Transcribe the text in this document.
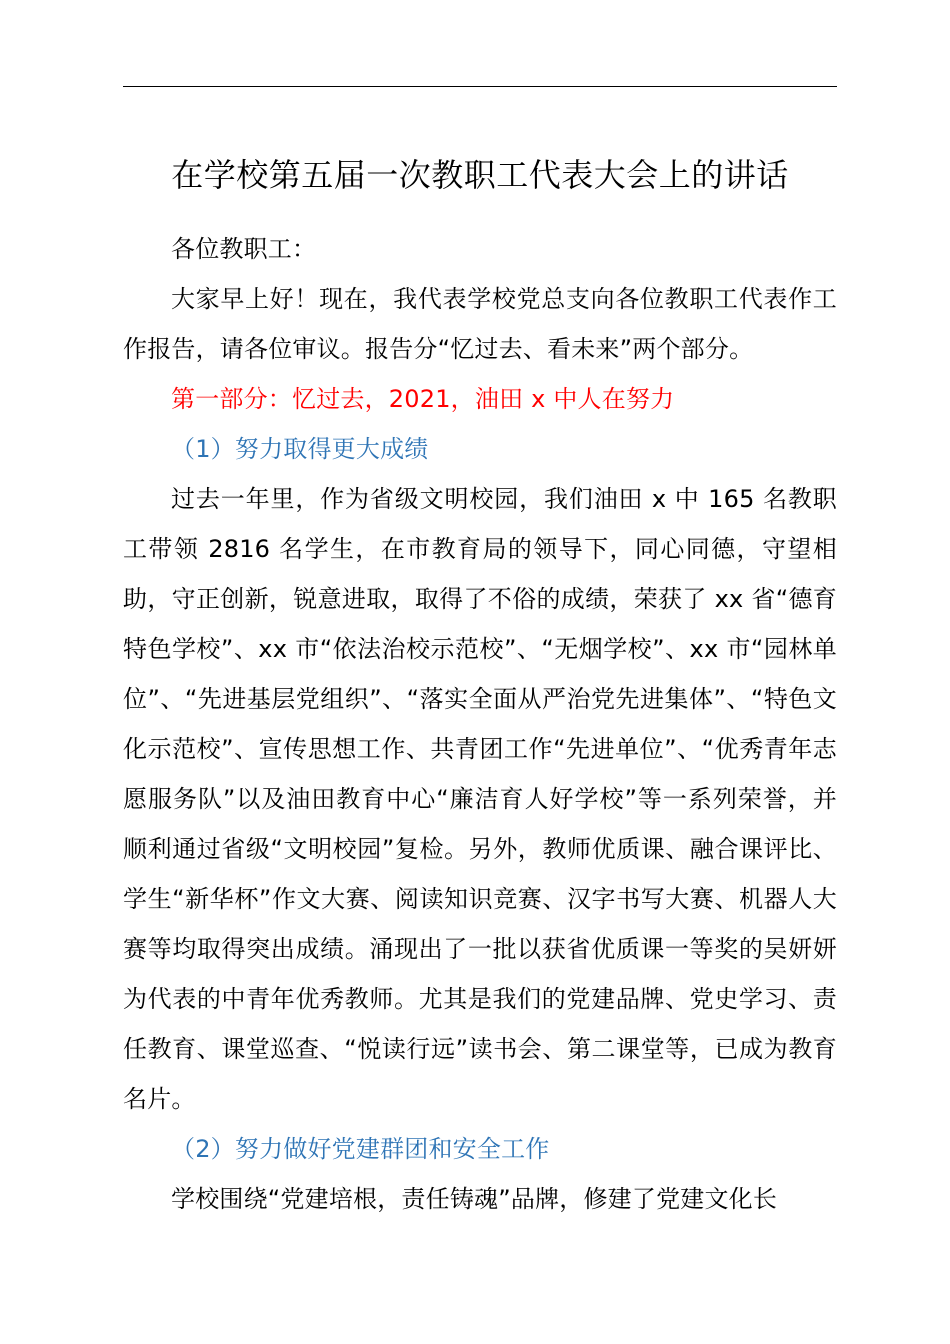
在学校第五届一次教职工代表大会上的讲话

各位教职工：

大家早上好！现在，我代表学校党总支向各位教职工代表作工作报告，请各位审议。报告分“忆过去、看未来”两个部分。

第一部分：忆过去，2021，油田 x 中人在努力

（1）努力取得更大成绩

过去一年里，作为省级文明校园，我们油田 x 中 165 名教职工带领 2816 名学生，在市教育局的领导下，同心同德，守望相助，守正创新，锐意进取，取得了不俗的成绩，荣获了 xx 省“德育特色学校”、xx 市“依法治校示范校”、“无烟学校”、xx 市“园林单位”、“先进基层党组织”、“落实全面从严治党先进集体”、“特色文化示范校”、宣传思想工作、共青团工作“先进单位”、“优秀青年志愿服务队”以及油田教育中心“廉洁育人好学校”等一系列荣誉，并顺利通过省级“文明校园”复检。另外，教师优质课、融合课评比、学生“新华杯”作文大赛、阅读知识竞赛、汉字书写大赛、机器人大赛等均取得突出成绩。涌现出了一批以获省优质课一等奖的吴妍妍为代表的中青年优秀教师。尤其是我们的党建品牌、党史学习、责任教育、课堂巡查、“悦读行远”读书会、第二课堂等，已成为教育名片。

（2）努力做好党建群团和安全工作

学校围绕“党建培根，责任铸魂”品牌，修建了党建文化长
